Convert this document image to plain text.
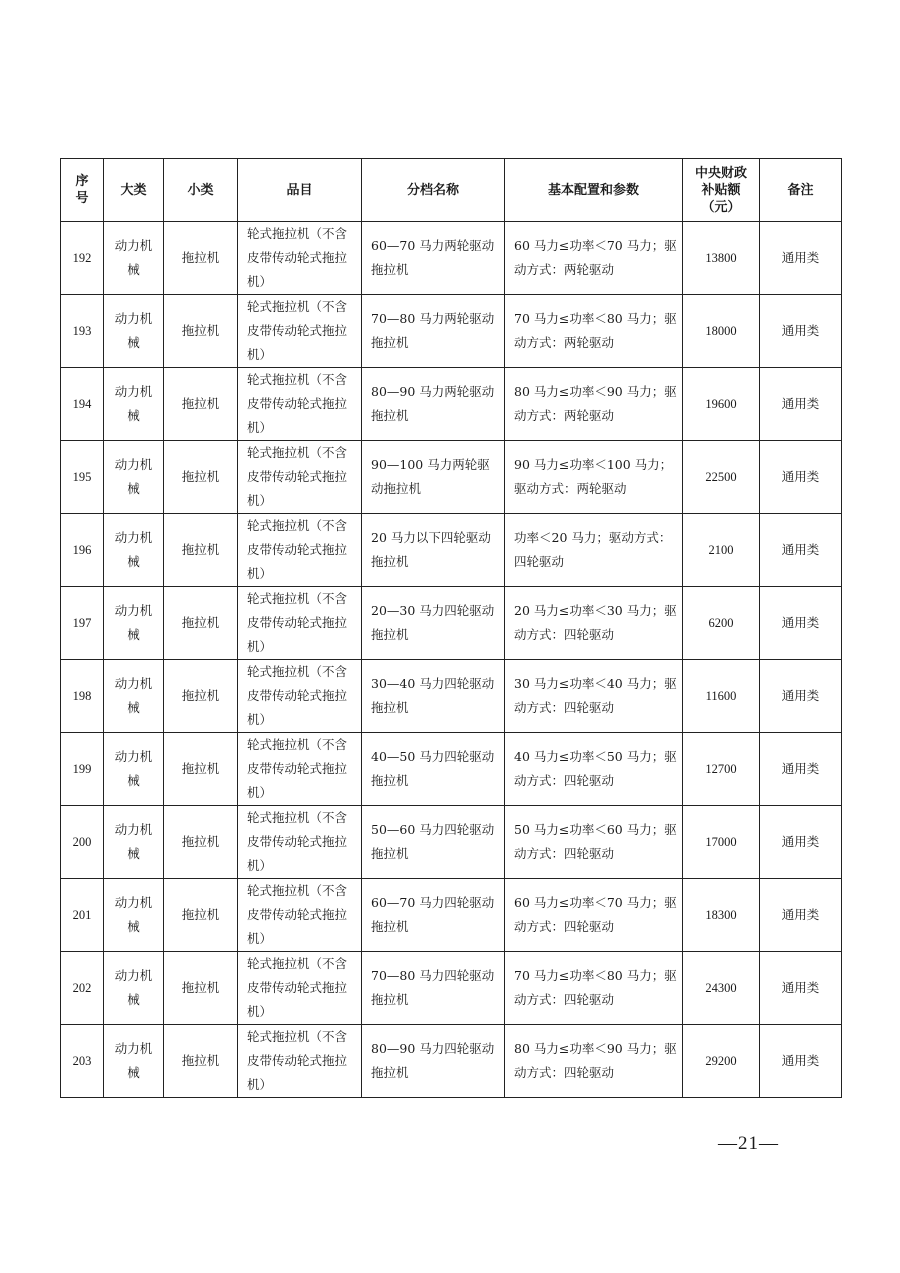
序号	大类	小类	品目	分档名称	基本配置和参数	中央财政补贴额（元）	备注
192	动力机械	拖拉机	轮式拖拉机（不含皮带传动轮式拖拉机）	60—70 马力两轮驱动拖拉机	60 马力≤功率＜70 马力；驱动方式：两轮驱动	13800	通用类
193	动力机械	拖拉机	轮式拖拉机（不含皮带传动轮式拖拉机）	70—80 马力两轮驱动拖拉机	70 马力≤功率＜80 马力；驱动方式：两轮驱动	18000	通用类
194	动力机械	拖拉机	轮式拖拉机（不含皮带传动轮式拖拉机）	80—90 马力两轮驱动拖拉机	80 马力≤功率＜90 马力；驱动方式：两轮驱动	19600	通用类
195	动力机械	拖拉机	轮式拖拉机（不含皮带传动轮式拖拉机）	90—100 马力两轮驱动拖拉机	90 马力≤功率＜100 马力；驱动方式：两轮驱动	22500	通用类
196	动力机械	拖拉机	轮式拖拉机（不含皮带传动轮式拖拉机）	20 马力以下四轮驱动拖拉机	功率＜20 马力；驱动方式：四轮驱动	2100	通用类
197	动力机械	拖拉机	轮式拖拉机（不含皮带传动轮式拖拉机）	20—30 马力四轮驱动拖拉机	20 马力≤功率＜30 马力；驱动方式：四轮驱动	6200	通用类
198	动力机械	拖拉机	轮式拖拉机（不含皮带传动轮式拖拉机）	30—40 马力四轮驱动拖拉机	30 马力≤功率＜40 马力；驱动方式：四轮驱动	11600	通用类
199	动力机械	拖拉机	轮式拖拉机（不含皮带传动轮式拖拉机）	40—50 马力四轮驱动拖拉机	40 马力≤功率＜50 马力；驱动方式：四轮驱动	12700	通用类
200	动力机械	拖拉机	轮式拖拉机（不含皮带传动轮式拖拉机）	50—60 马力四轮驱动拖拉机	50 马力≤功率＜60 马力；驱动方式：四轮驱动	17000	通用类
201	动力机械	拖拉机	轮式拖拉机（不含皮带传动轮式拖拉机）	60—70 马力四轮驱动拖拉机	60 马力≤功率＜70 马力；驱动方式：四轮驱动	18300	通用类
202	动力机械	拖拉机	轮式拖拉机（不含皮带传动轮式拖拉机）	70—80 马力四轮驱动拖拉机	70 马力≤功率＜80 马力；驱动方式：四轮驱动	24300	通用类
203	动力机械	拖拉机	轮式拖拉机（不含皮带传动轮式拖拉机）	80—90 马力四轮驱动拖拉机	80 马力≤功率＜90 马力；驱动方式：四轮驱动	29200	通用类
—21—
